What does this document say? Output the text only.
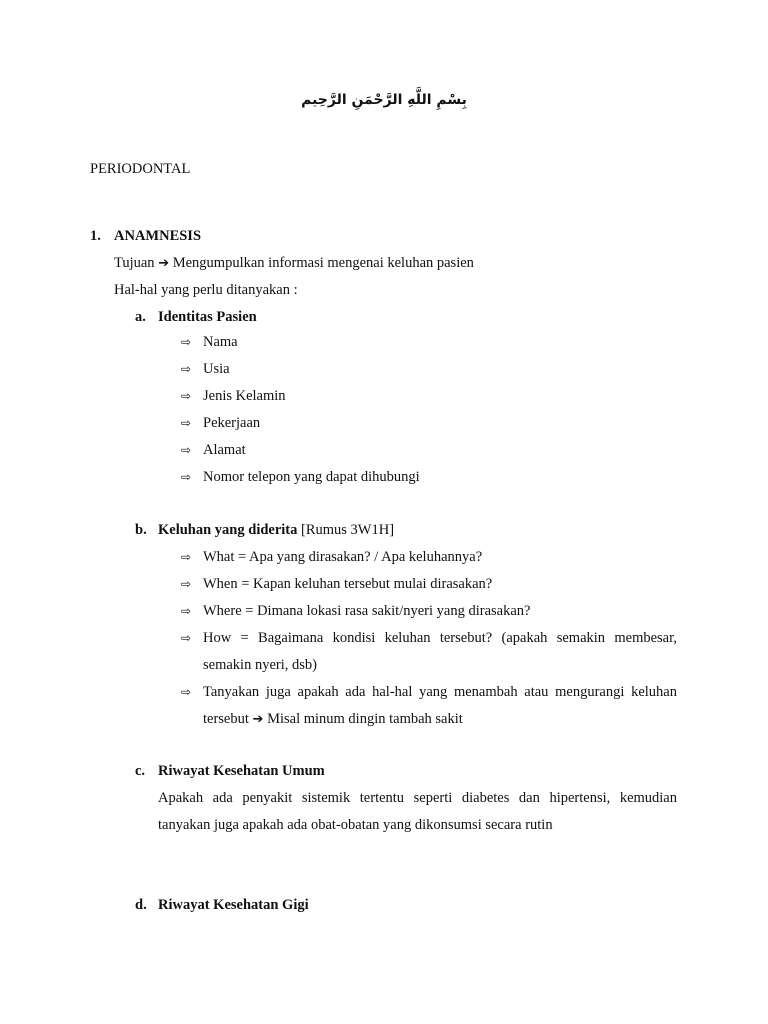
بِسْمِ اللَّهِ الرَّحْمَنِ الرَّحِيم
PERIODONTAL
1. ANAMNESIS
Tujuan ➔ Mengumpulkan informasi mengenai keluhan pasien
Hal-hal yang perlu ditanyakan :
a. Identitas Pasien
⇨ Nama
⇨ Usia
⇨ Jenis Kelamin
⇨ Pekerjaan
⇨ Alamat
⇨ Nomor telepon yang dapat dihubungi
b. Keluhan yang diderita [Rumus 3W1H]
⇨ What = Apa yang dirasakan? / Apa keluhannya?
⇨ When = Kapan keluhan tersebut mulai dirasakan?
⇨ Where = Dimana lokasi rasa sakit/nyeri yang dirasakan?
⇨ How = Bagaimana kondisi keluhan tersebut? (apakah semakin membesar,
semakin nyeri, dsb)
⇨ Tanyakan juga apakah ada hal-hal yang menambah atau mengurangi keluhan
tersebut ➔ Misal minum dingin tambah sakit
c. Riwayat Kesehatan Umum
Apakah ada penyakit sistemik tertentu seperti diabetes dan hipertensi, kemudian
tanyakan juga apakah ada obat-obatan yang dikonsumsi secara rutin
d. Riwayat Kesehatan Gigi
